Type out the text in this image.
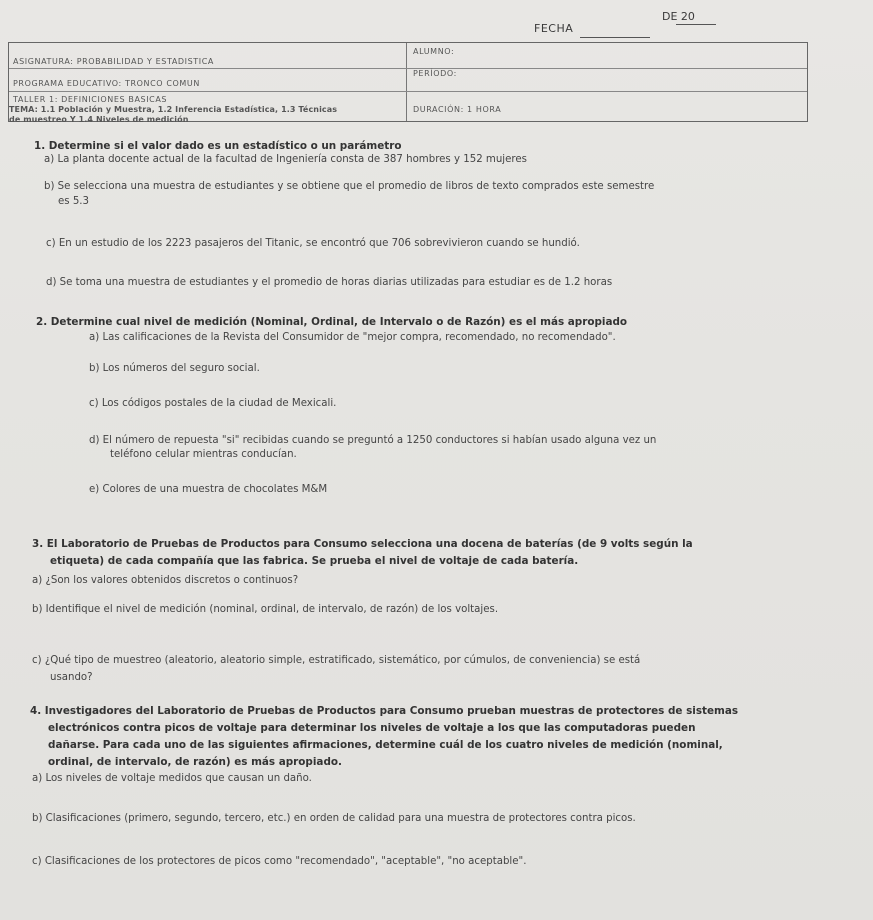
FECHA
DE 20
ASIGNATURA: PROBABILIDAD Y ESTADISTICA
ALUMNO:
PROGRAMA EDUCATIVO: TRONCO COMUN
PERÍODO:
TALLER 1: DEFINICIONES BASICAS
TEMA: 1.1 Población y Muestra, 1.2 Inferencia Estadística, 1.3 Técnicas
de muestreo Y 1.4 Niveles de medición
DURACIÓN: 1 HORA
1. Determine si el valor dado es un estadístico o un parámetro
a) La planta docente actual de la facultad de Ingeniería consta de 387 hombres y 152 mujeres
b) Se selecciona una muestra de estudiantes y se obtiene que el promedio de libros de texto comprados este semestre
es 5.3
c) En un estudio de los 2223 pasajeros del Titanic, se encontró que 706 sobrevivieron cuando se hundió.
d) Se toma una muestra de estudiantes y el promedio de horas diarias utilizadas para estudiar es de 1.2 horas
2. Determine cual nivel de medición (Nominal, Ordinal, de Intervalo o de Razón) es el más apropiado
a) Las calificaciones de la Revista del Consumidor de "mejor compra, recomendado, no recomendado".
b) Los números del seguro social.
c) Los códigos postales de la ciudad de Mexicali.
d) El número de repuesta "si" recibidas cuando se preguntó a 1250 conductores si habían usado alguna vez un
teléfono celular mientras conducían.
e) Colores de una muestra de chocolates M&M
3. El Laboratorio de Pruebas de Productos para Consumo selecciona una docena de baterías (de 9 volts según la
etiqueta) de cada compañía que las fabrica. Se prueba el nivel de voltaje de cada batería.
a) ¿Son los valores obtenidos discretos o continuos?
b) Identifique el nivel de medición (nominal, ordinal, de intervalo, de razón) de los voltajes.
c) ¿Qué tipo de muestreo (aleatorio, aleatorio simple, estratificado, sistemático, por cúmulos, de conveniencia) se está
usando?
4. Investigadores del Laboratorio de Pruebas de Productos para Consumo prueban muestras de protectores de sistemas
electrónicos contra picos de voltaje para determinar los niveles de voltaje a los que las computadoras pueden
dañarse. Para cada uno de las siguientes afirmaciones, determine cuál de los cuatro niveles de medición (nominal,
ordinal, de intervalo, de razón) es más apropiado.
a) Los niveles de voltaje medidos que causan un daño.
b) Clasificaciones (primero, segundo, tercero, etc.) en orden de calidad para una muestra de protectores contra picos.
c) Clasificaciones de los protectores de picos como "recomendado", "aceptable", "no aceptable".
